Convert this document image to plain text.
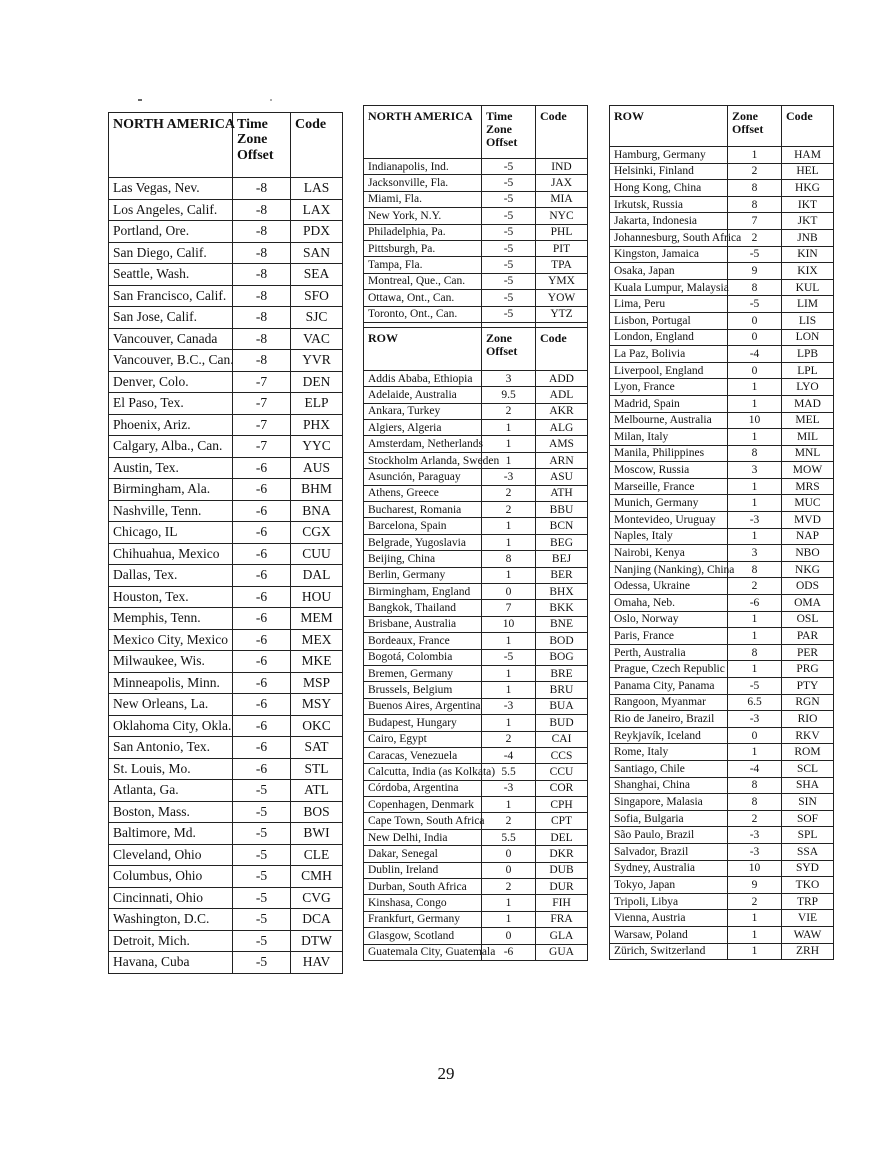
NORTH AMERICA	Time Zone Offset	Code
Las Vegas, Nev.	-8	LAS
Los Angeles, Calif.	-8	LAX
Portland, Ore.	-8	PDX
San Diego, Calif.	-8	SAN
Seattle, Wash.	-8	SEA
San Francisco, Calif.	-8	SFO
San Jose, Calif.	-8	SJC
Vancouver, Canada	-8	VAC
Vancouver, B.C., Can.	-8	YVR
Denver, Colo.	-7	DEN
El Paso, Tex.	-7	ELP
Phoenix, Ariz.	-7	PHX
Calgary, Alba., Can.	-7	YYC
Austin, Tex.	-6	AUS
Birmingham, Ala.	-6	BHM
Nashville, Tenn.	-6	BNA
Chicago, IL	-6	CGX
Chihuahua, Mexico	-6	CUU
Dallas, Tex.	-6	DAL
Houston, Tex.	-6	HOU
Memphis, Tenn.	-6	MEM
Mexico City, Mexico	-6	MEX
Milwaukee, Wis.	-6	MKE
Minneapolis, Minn.	-6	MSP
New Orleans, La.	-6	MSY
Oklahoma City, Okla.	-6	OKC
San Antonio, Tex.	-6	SAT
St. Louis, Mo.	-6	STL
Atlanta, Ga.	-5	ATL
Boston, Mass.	-5	BOS
Baltimore, Md.	-5	BWI
Cleveland, Ohio	-5	CLE
Columbus, Ohio	-5	CMH
Cincinnati, Ohio	-5	CVG
Washington, D.C.	-5	DCA
Detroit, Mich.	-5	DTW
Havana, Cuba	-5	HAV
NORTH AMERICA	Time Zone Offset	Code
Indianapolis, Ind.	-5	IND
Jacksonville, Fla.	-5	JAX
Miami, Fla.	-5	MIA
New York, N.Y.	-5	NYC
Philadelphia, Pa.	-5	PHL
Pittsburgh, Pa.	-5	PIT
Tampa, Fla.	-5	TPA
Montreal, Que., Can.	-5	YMX
Ottawa, Ont., Can.	-5	YOW
Toronto, Ont., Can.	-5	YTZ

ROW	Zone Offset	Code
Addis Ababa, Ethiopia	3	ADD
Adelaide, Australia	9.5	ADL
Ankara, Turkey	2	AKR
Algiers, Algeria	1	ALG
Amsterdam, Netherlands	1	AMS
Stockholm Arlanda, Sweden	1	ARN
Asunción, Paraguay	-3	ASU
Athens, Greece	2	ATH
Bucharest, Romania	2	BBU
Barcelona, Spain	1	BCN
Belgrade, Yugoslavia	1	BEG
Beijing, China	8	BEJ
Berlin, Germany	1	BER
Birmingham, England	0	BHX
Bangkok, Thailand	7	BKK
Brisbane, Australia	10	BNE
Bordeaux, France	1	BOD
Bogotá, Colombia	-5	BOG
Bremen, Germany	1	BRE
Brussels, Belgium	1	BRU
Buenos Aires, Argentina	-3	BUA
Budapest, Hungary	1	BUD
Cairo, Egypt	2	CAI
Caracas, Venezuela	-4	CCS
Calcutta, India (as Kolkata)	5.5	CCU
Córdoba, Argentina	-3	COR
Copenhagen, Denmark	1	CPH
Cape Town, South Africa	2	CPT
New Delhi, India	5.5	DEL
Dakar, Senegal	0	DKR
Dublin, Ireland	0	DUB
Durban, South Africa	2	DUR
Kinshasa, Congo	1	FIH
Frankfurt, Germany	1	FRA
Glasgow, Scotland	0	GLA
Guatemala City, Guatemala	-6	GUA
ROW	Zone Offset	Code
Hamburg, Germany	1	HAM
Helsinki, Finland	2	HEL
Hong Kong, China	8	HKG
Irkutsk, Russia	8	IKT
Jakarta, Indonesia	7	JKT
Johannesburg, South Africa	2	JNB
Kingston, Jamaica	-5	KIN
Osaka, Japan	9	KIX
Kuala Lumpur, Malaysia	8	KUL
Lima, Peru	-5	LIM
Lisbon, Portugal	0	LIS
London, England	0	LON
La Paz, Bolivia	-4	LPB
Liverpool, England	0	LPL
Lyon, France	1	LYO
Madrid, Spain	1	MAD
Melbourne, Australia	10	MEL
Milan, Italy	1	MIL
Manila, Philippines	8	MNL
Moscow, Russia	3	MOW
Marseille, France	1	MRS
Munich, Germany	1	MUC
Montevideo, Uruguay	-3	MVD
Naples, Italy	1	NAP
Nairobi, Kenya	3	NBO
Nanjing (Nanking), China	8	NKG
Odessa, Ukraine	2	ODS
Omaha, Neb.	-6	OMA
Oslo, Norway	1	OSL
Paris, France	1	PAR
Perth, Australia	8	PER
Prague, Czech Republic	1	PRG
Panama City, Panama	-5	PTY
Rangoon, Myanmar	6.5	RGN
Rio de Janeiro, Brazil	-3	RIO
Reykjavík, Iceland	0	RKV
Rome, Italy	1	ROM
Santiago, Chile	-4	SCL
Shanghai, China	8	SHA
Singapore, Malasia	8	SIN
Sofia, Bulgaria	2	SOF
São Paulo, Brazil	-3	SPL
Salvador, Brazil	-3	SSA
Sydney, Australia	10	SYD
Tokyo, Japan	9	TKO
Tripoli, Libya	2	TRP
Vienna, Austria	1	VIE
Warsaw, Poland	1	WAW
Zürich, Switzerland	1	ZRH
29
